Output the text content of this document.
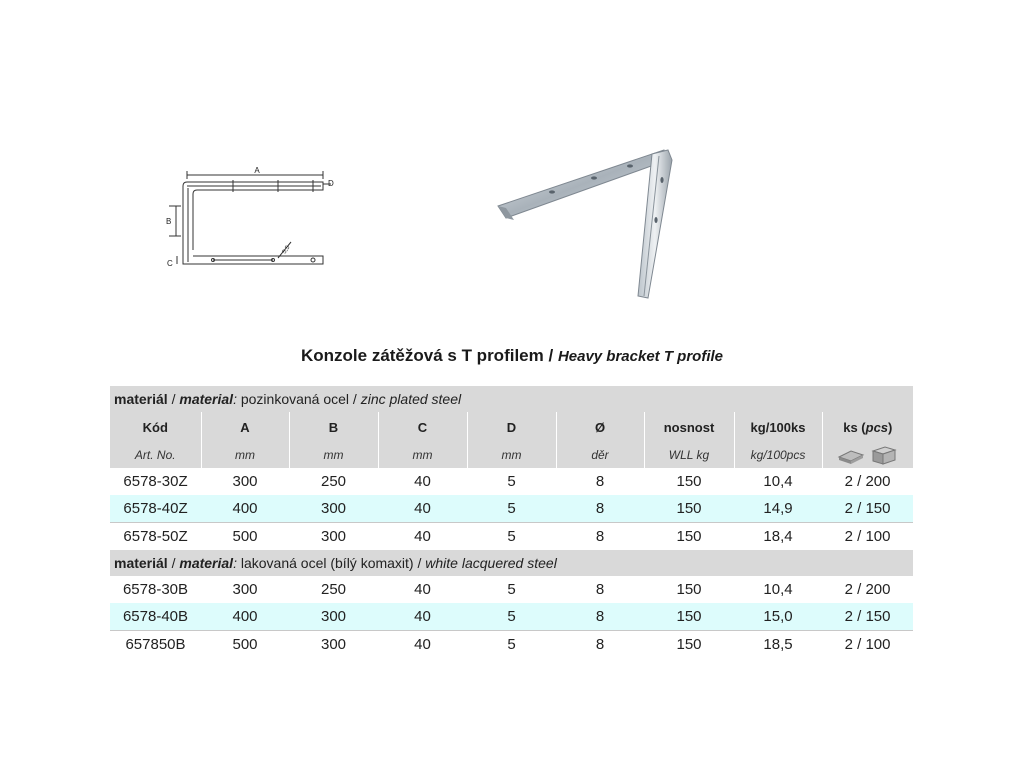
A
B
C
D
5,5
Konzole zátěžová s T profilem / Heavy bracket T profile
materiál / material: pozinkovaná ocel / zinc plated steel								
Kód	A	B	C	D	Ø	nosnost	kg/100ks	ks (pcs)
Art. No.	mm	mm	mm	mm	děr	WLL kg	kg/100pcs	
6578-30Z	300	250	40	5	8	150	10,4	2 / 200
6578-40Z	400	300	40	5	8	150	14,9	2 / 150
6578-50Z	500	300	40	5	8	150	18,4	2 / 100
materiál / material: lakovaná ocel (bílý komaxit) / white lacquered steel								
6578-30B	300	250	40	5	8	150	10,4	2 / 200
6578-40B	400	300	40	5	8	150	15,0	2 / 150
657850B	500	300	40	5	8	150	18,5	2 / 100
